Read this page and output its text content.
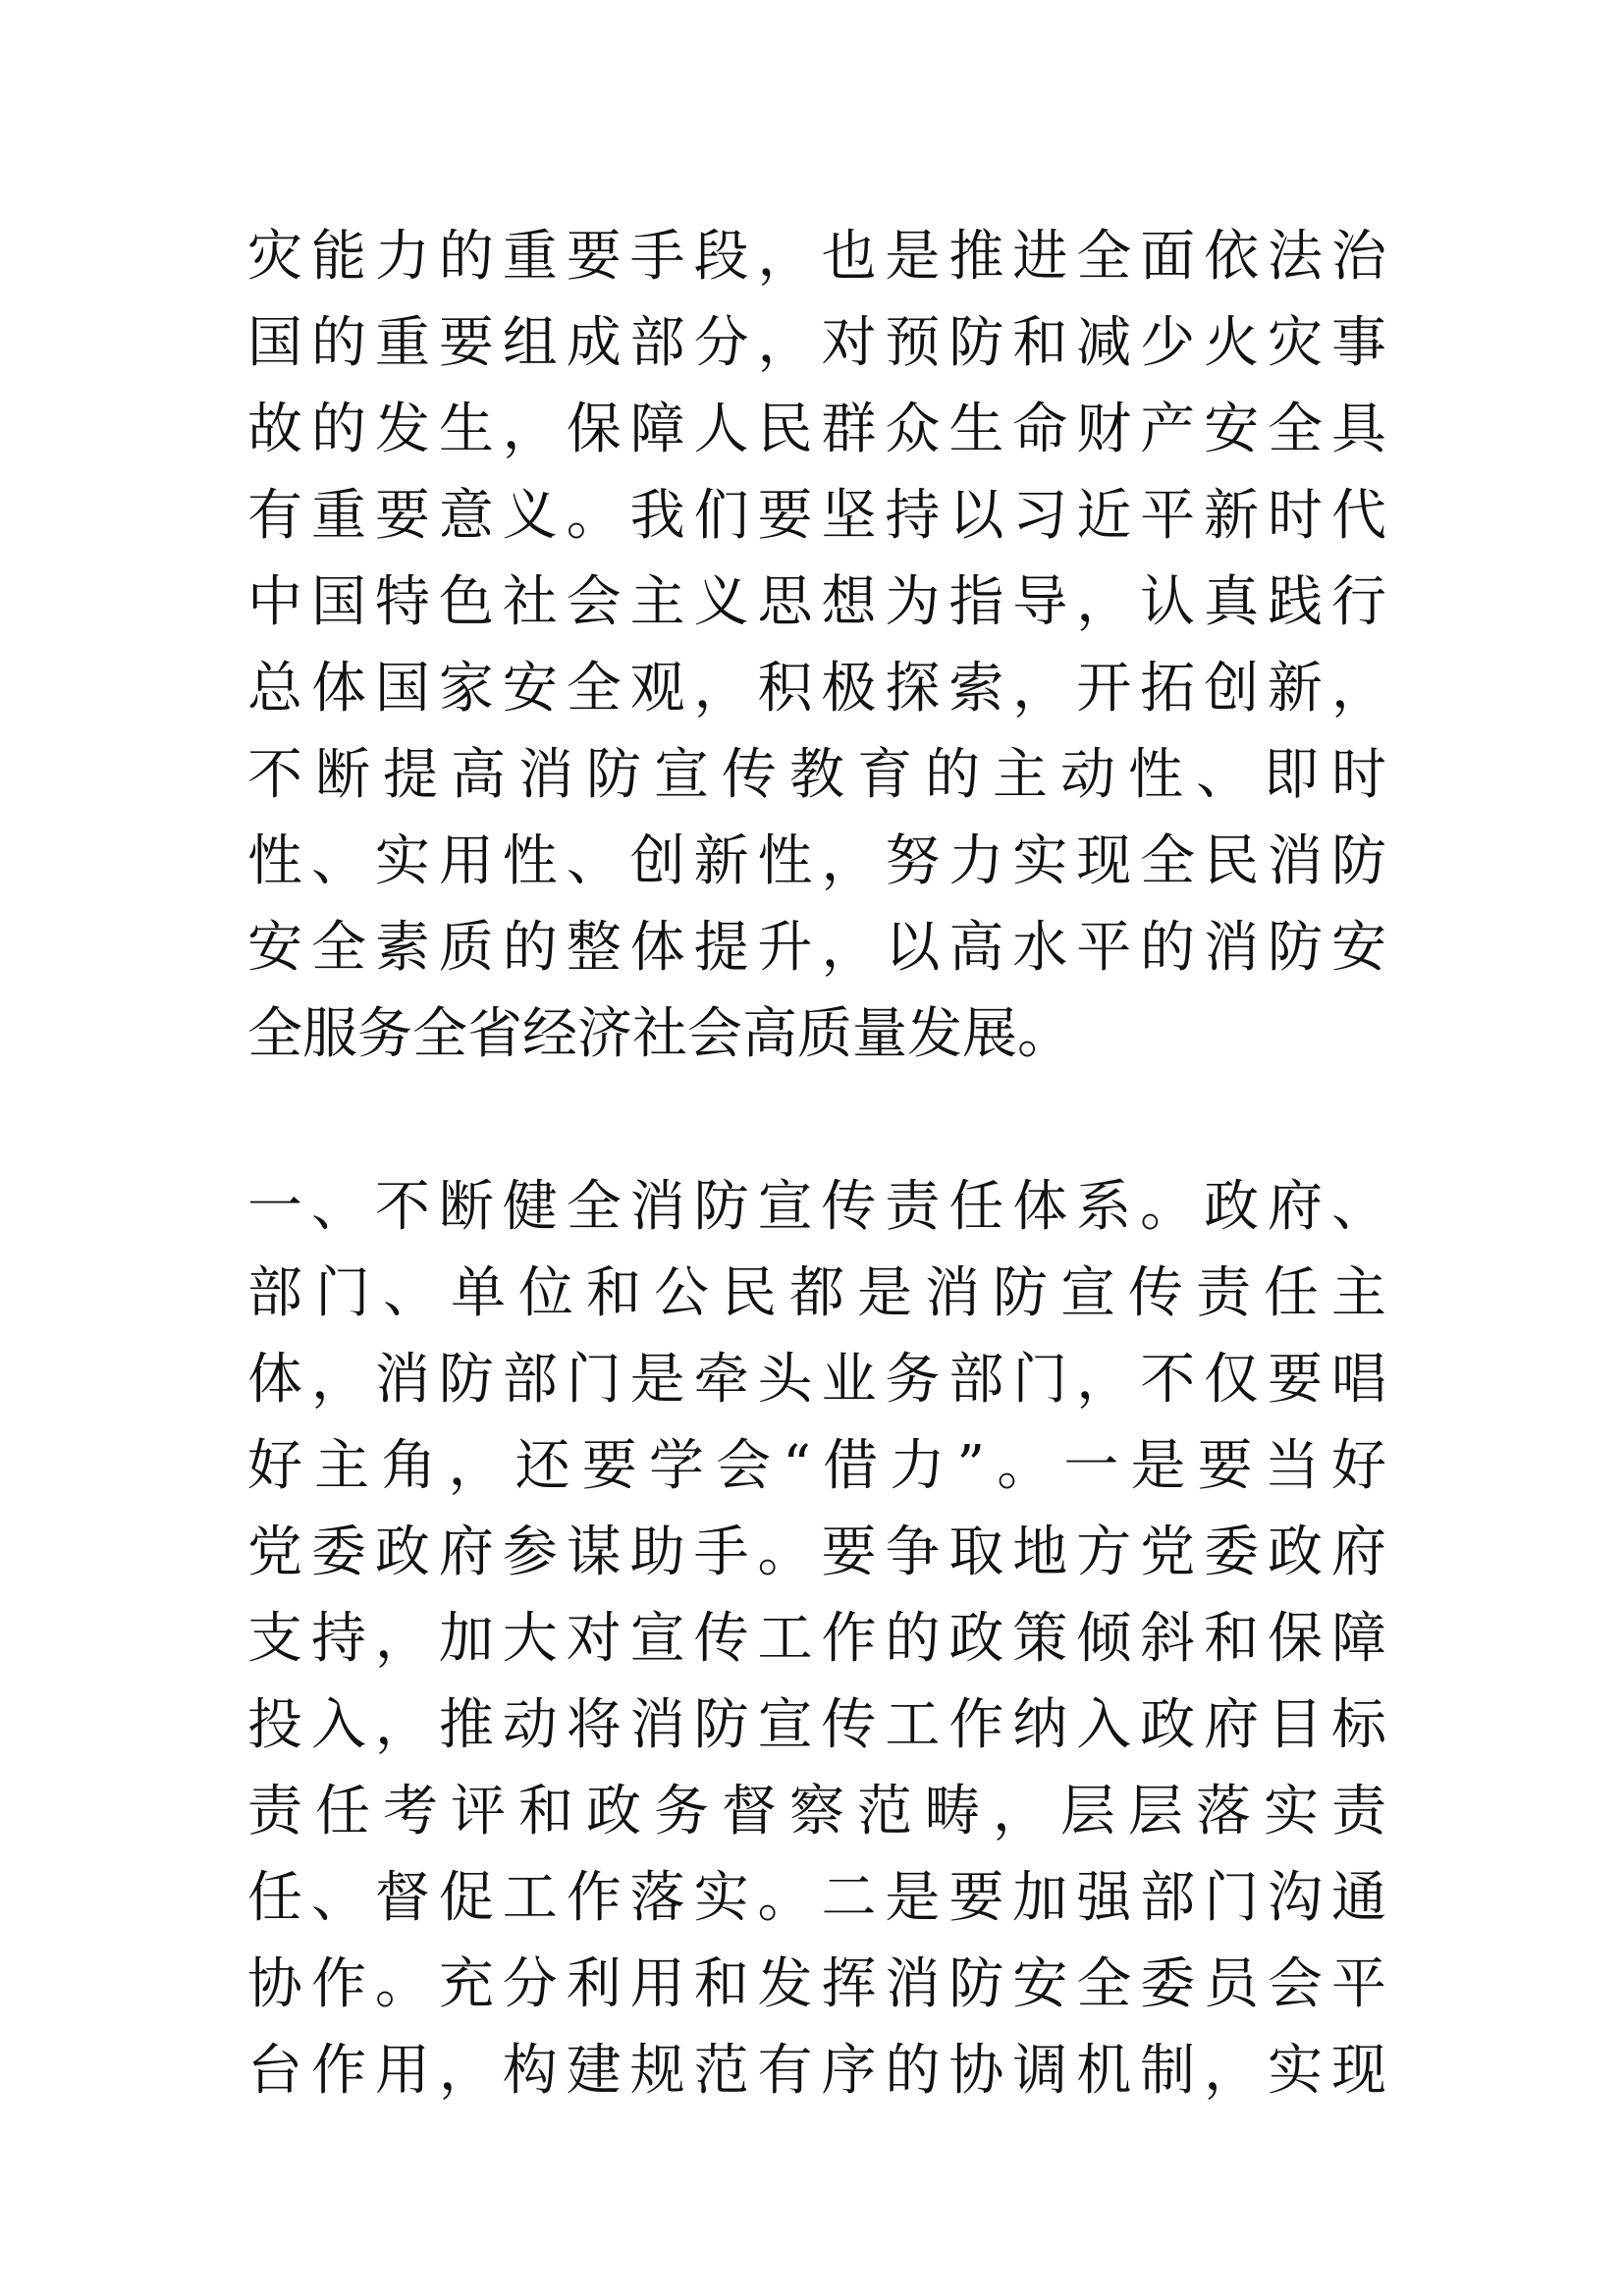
灾能力的重要手段，也是推进全面依法治
国的重要组成部分，对预防和减少火灾事
故的发生，保障人民群众生命财产安全具
有重要意义。我们要坚持以习近平新时代
中国特色社会主义思想为指导，认真践行
总体国家安全观，积极探索，开拓创新，
不断提高消防宣传教育的主动性、即时
性、实用性、创新性，努力实现全民消防
安全素质的整体提升，以高水平的消防安
全服务全省经济社会高质量发展。
一、不断健全消防宣传责任体系。政府、
部门、单位和公民都是消防宣传责任主
体，消防部门是牵头业务部门，不仅要唱
好主角，还要学会“借力”。一是要当好
党委政府参谋助手。要争取地方党委政府
支持，加大对宣传工作的政策倾斜和保障
投入，推动将消防宣传工作纳入政府目标
责任考评和政务督察范畴，层层落实责
任、督促工作落实。二是要加强部门沟通
协作。充分利用和发挥消防安全委员会平
台作用，构建规范有序的协调机制，实现
